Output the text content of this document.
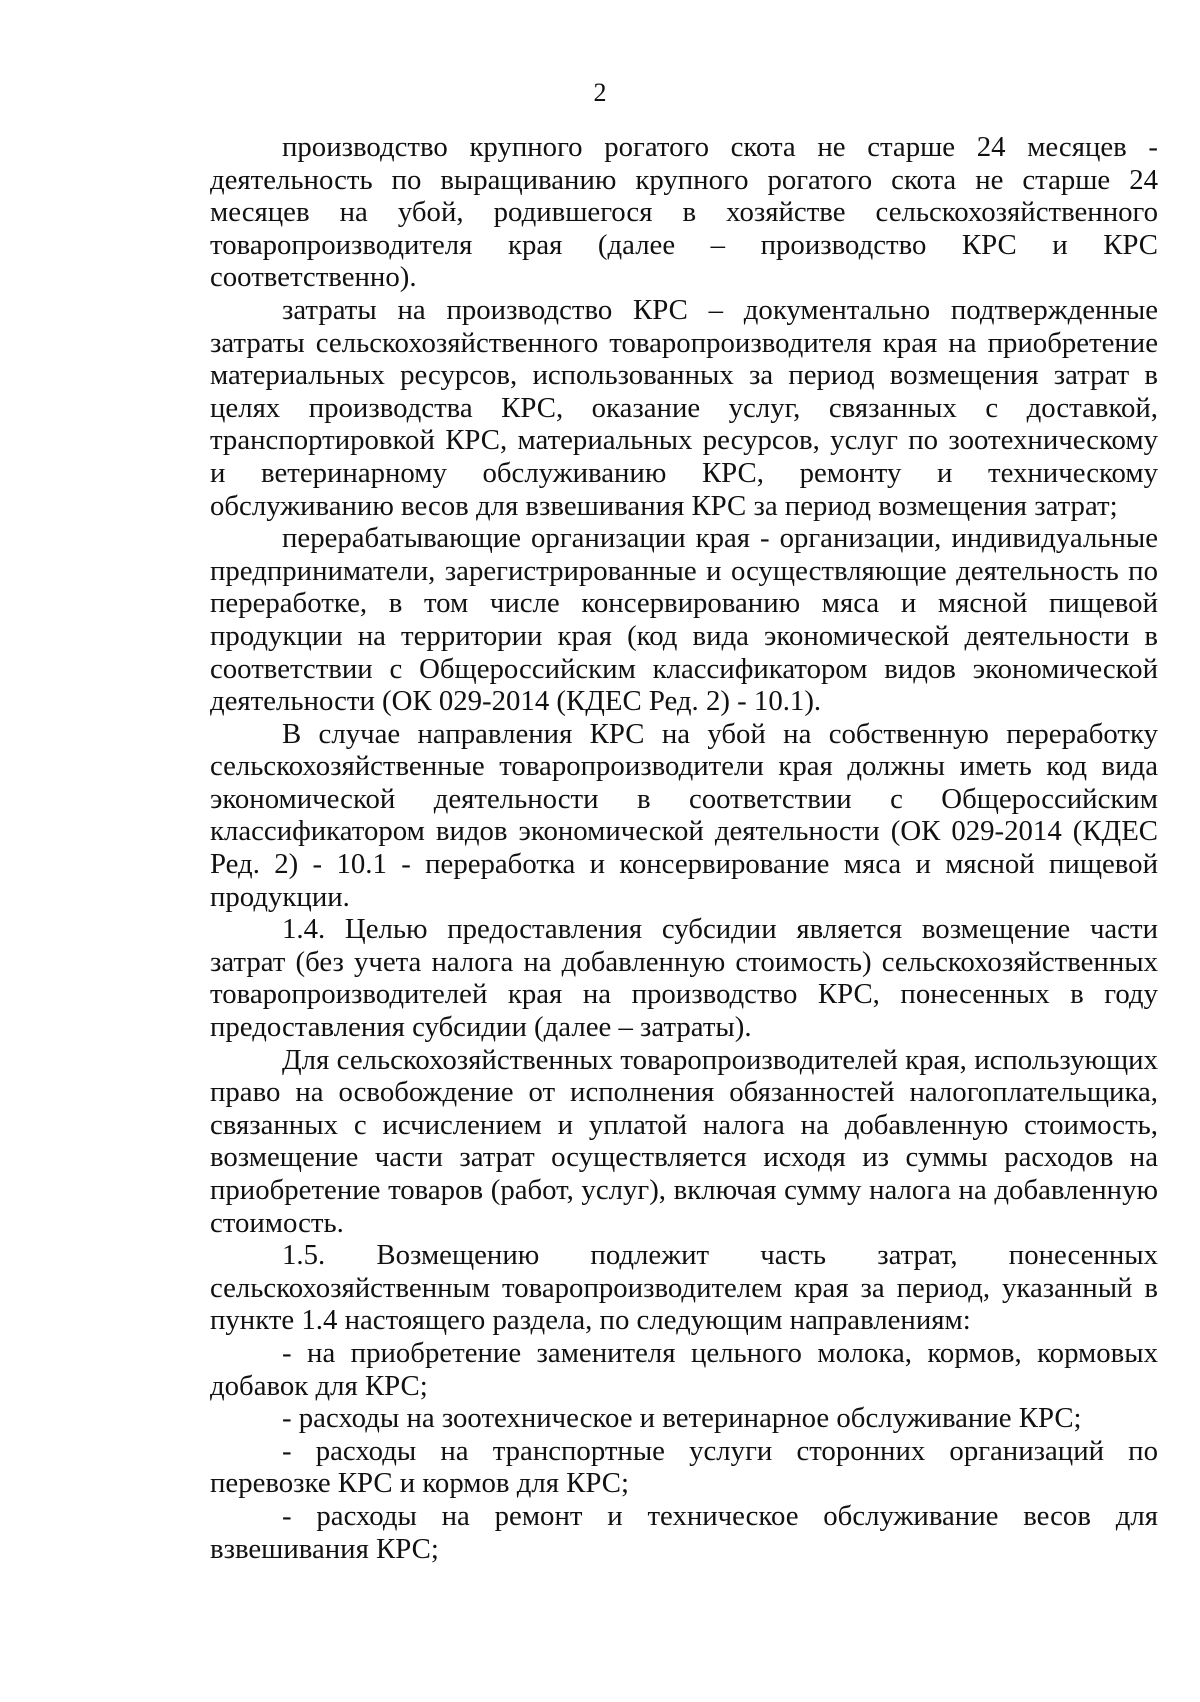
2

производство крупного рогатого скота не старше 24 месяцев - деятельность по выращиванию крупного рогатого скота не старше 24 месяцев на убой, родившегося в хозяйстве сельскохозяйственного товаропроизводителя края (далее – производство КРС и КРС соответственно).

затраты на производство КРС – документально подтвержденные затраты сельскохозяйственного товаропроизводителя края на приобретение материальных ресурсов, использованных за период возмещения затрат в целях производства КРС, оказание услуг, связанных с доставкой, транспортировкой КРС, материальных ресурсов, услуг по зоотехническому и ветеринарному обслуживанию КРС, ремонту и техническому обслуживанию весов для взвешивания КРС за период возмещения затрат;

перерабатывающие организации края - организации, индивидуальные предприниматели, зарегистрированные и осуществляющие деятельность по переработке, в том числе консервированию мяса и мясной пищевой продукции на территории края (код вида экономической деятельности в соответствии с Общероссийским классификатором видов экономической деятельности (ОК 029-2014 (КДЕС Ред. 2) - 10.1).

В случае направления КРС на убой на собственную переработку сельскохозяйственные товаропроизводители края должны иметь код вида экономической деятельности в соответствии с Общероссийским классификатором видов экономической деятельности (ОК 029-2014 (КДЕС Ред. 2) - 10.1 - переработка и консервирование мяса и мясной пищевой продукции.

1.4. Целью предоставления субсидии является возмещение части затрат (без учета налога на добавленную стоимость) сельскохозяйственных товаропроизводителей края на производство КРС, понесенных в году предоставления субсидии (далее – затраты).

Для сельскохозяйственных товаропроизводителей края, использующих право на освобождение от исполнения обязанностей налогоплательщика, связанных с исчислением и уплатой налога на добавленную стоимость, возмещение части затрат осуществляется исходя из суммы расходов на приобретение товаров (работ, услуг), включая сумму налога на добавленную стоимость.

1.5. Возмещению подлежит часть затрат, понесенных сельскохозяйственным товаропроизводителем края за период, указанный в пункте 1.4 настоящего раздела, по следующим направлениям:

- на приобретение заменителя цельного молока, кормов, кормовых добавок для КРС;

- расходы на зоотехническое и ветеринарное обслуживание КРС;

- расходы на транспортные услуги сторонних организаций по перевозке КРС и кормов для КРС;

- расходы на ремонт и техническое обслуживание весов для взвешивания КРС;
